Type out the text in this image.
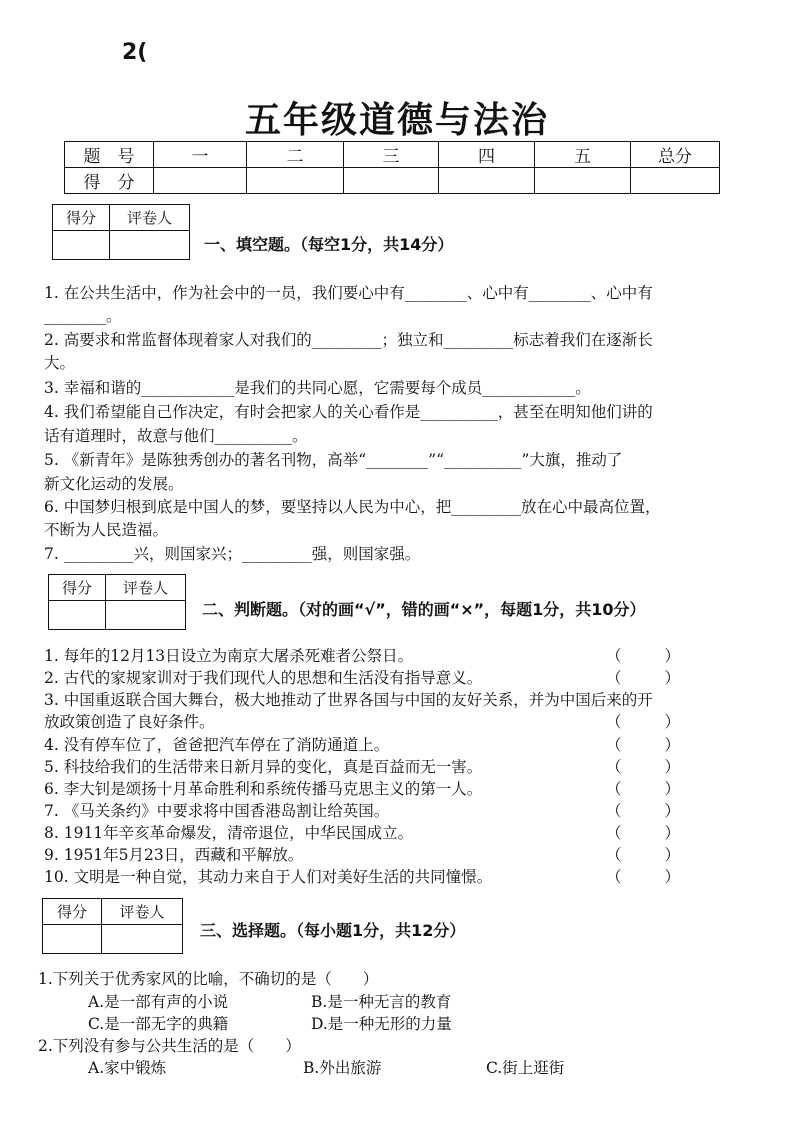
2(
五年级道德与法治
题　号	一	二	三	四	五	总分
得　分						
得分	评卷人

一、填空题。（每空1分，共14分）
1. 在公共生活中，作为社会中的一员，我们要心中有________、心中有________、心中有
________。
2. 高要求和常监督体现着家人对我们的_________；独立和_________标志着我们在逐渐长
大。
3. 幸福和谐的____________是我们的共同心愿，它需要每个成员____________。
4. 我们希望能自己作决定，有时会把家人的关心看作是__________，甚至在明知他们讲的
话有道理时，故意与他们__________。
5. 《新青年》是陈独秀创办的著名刊物，高举“________”“__________”大旗，推动了
新文化运动的发展。
6. 中国梦归根到底是中国人的梦，要坚持以人民为中心，把_________放在心中最高位置，
不断为人民造福。
7. _________兴，则国家兴；_________强，则国家强。
得分	评卷人

二、判断题。（对的画“√”，错的画“×”，每题1分，共10分）
1. 每年的12月13日设立为南京大屠杀死难者公祭日。	（	）
2. 古代的家规家训对于我们现代人的思想和生活没有指导意义。	（	）
3. 中国重返联合国大舞台，极大地推动了世界各国与中国的友好关系，并为中国后来的开
放政策创造了良好条件。	（	）
4. 没有停车位了，爸爸把汽车停在了消防通道上。	（	）
5. 科技给我们的生活带来日新月异的变化，真是百益而无一害。	（	）
6. 李大钊是颂扬十月革命胜利和系统传播马克思主义的第一人。	（	）
7. 《马关条约》中要求将中国香港岛割让给英国。	（	）
8. 1911年辛亥革命爆发，清帝退位，中华民国成立。	（	）
9. 1951年5月23日，西藏和平解放。	（	）
10. 文明是一种自觉，其动力来自于人们对美好生活的共同憧憬。	（	）
得分	评卷人

三、选择题。（每小题1分，共12分）
1.下列关于优秀家风的比喻，不确切的是（　　）
A.是一部有声的小说	B.是一种无言的教育
C.是一部无字的典籍	D.是一种无形的力量
2.下列没有参与公共生活的是（　　）
A.家中锻炼	B.外出旅游	C.街上逛街
